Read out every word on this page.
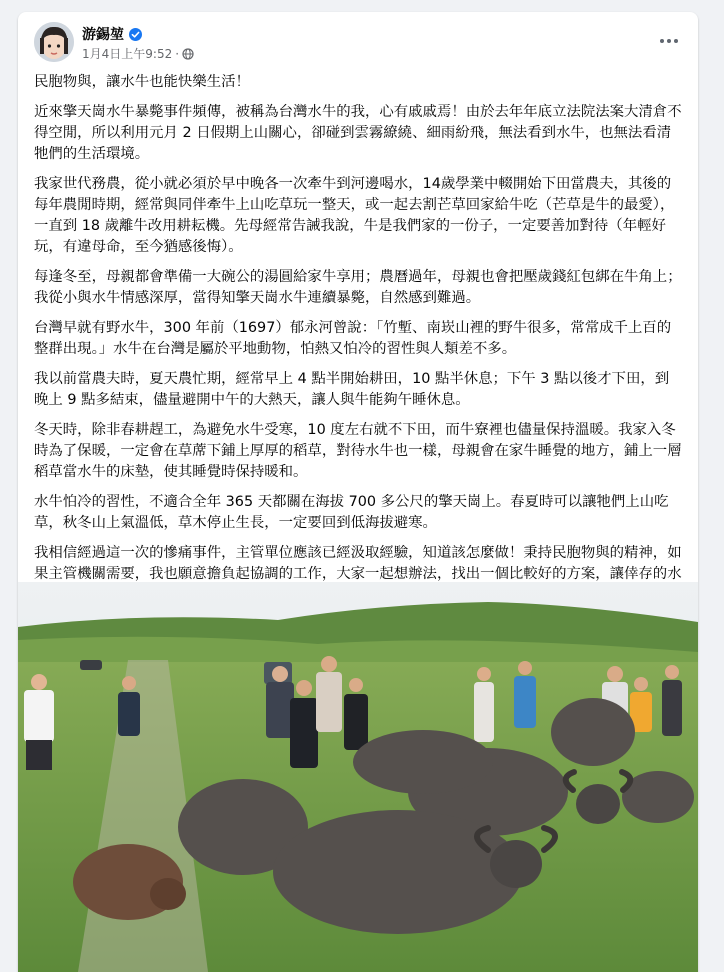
游錫堃
1月4日上午9:52 ·

民胞物與，讓水牛也能快樂生活！

近來擎天崗水牛暴斃事件頻傳，被稱為台灣水牛的我，心有戚戚焉！由於去年年底立法院法案大清倉不得空閒，所以利用元月 2 日假期上山關心，卻碰到雲霧繚繞、細雨紛飛，無法看到水牛，也無法看清牠們的生活環境。

我家世代務農，從小就必須於早中晚各一次牽牛到河邊喝水，14歲學業中輟開始下田當農夫，其後的每年農閒時期，經常與同伴牽牛上山吃草玩一整天，或一起去割芒草回家給牛吃（芒草是牛的最愛），一直到 18 歲離牛改用耕耘機。先母經常告誡我說，牛是我們家的一份子，一定要善加對待（年輕好玩，有違母命，至今猶感後悔）。

每逢冬至，母親都會準備一大碗公的湯圓給家牛享用；農曆過年，母親也會把壓歲錢紅包綁在牛角上；我從小與水牛情感深厚，當得知擎天崗水牛連續暴斃，自然感到難過。

台灣早就有野水牛，300 年前（1697）郁永河曾說：「竹塹、南崁山裡的野牛很多，常常成千上百的整群出現。」水牛在台灣是屬於平地動物，怕熱又怕冷的習性與人類差不多。

我以前當農夫時，夏天農忙期，經常早上 4 點半開始耕田，10 點半休息；下午 3 點以後才下田，到晚上 9 點多結束，儘量避開中午的大熱天，讓人與牛能夠午睡休息。

冬天時，除非春耕趕工，為避免水牛受寒，10 度左右就不下田，而牛寮裡也儘量保持溫暖。我家入冬時為了保暖，一定會在草蓆下鋪上厚厚的稻草，對待水牛也一樣，母親會在家牛睡覺的地方，鋪上一層稻草當水牛的床墊，使其睡覺時保持暖和。

水牛怕冷的習性，不適合全年 365 天都關在海拔 700 多公尺的擎天崗上。春夏時可以讓牠們上山吃草，秋冬山上氣溫低，草木停止生長，一定要回到低海拔避寒。

我相信經過這一次的慘痛事件，主管單位應該已經汲取經驗，知道該怎麼做！秉持民胞物與的精神，如果主管機關需要，我也願意擔負起協調的工作，大家一起想辦法，找出一個比較好的方案，讓倖存的水
